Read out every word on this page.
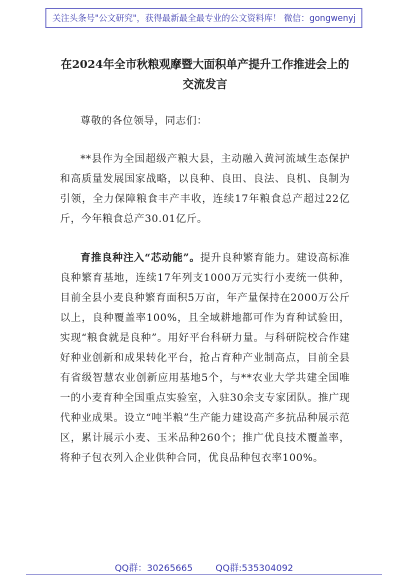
关注头条号"公文研究"，获得最新最全最专业的公文资料库！ 微信：gongwenyj

在2024年全市秋粮观摩暨大面积单产提升工作推进会上的

交流发言

尊敬的各位领导，同志们：

**县作为全国超级产粮大县，主动融入黄河流域生态保护和高质量发展国家战略，以良种、良田、良法、良机、良制为引领，全力保障粮食丰产丰收，连续17年粮食总产超过22亿斤，今年粮食总产30.01亿斤。

育推良种注入“芯动能”。提升良种繁育能力。建设高标准良种繁育基地，连续17年列支1000万元实行小麦统一供种，目前全县小麦良种繁育面积5万亩，年产量保持在2000万公斤以上，良种覆盖率100%，且全域耕地都可作为育种试验田，实现“粮食就是良种”。用好平台科研力量。与科研院校合作建好种业创新和成果转化平台，抢占育种产业制高点，目前全县有省级智慧农业创新应用基地5个，与**农业大学共建全国唯一的小麦育种全国重点实验室，入驻30余支专家团队。推广现代种业成果。设立“吨半粮”生产能力建设高产多抗品种展示范区，累计展示小麦、玉米品种260个；推广优良技术覆盖率，将种子包衣列入企业供种合同，优良品种包衣率100%。

QQ群：30265665	QQ群:535304092
